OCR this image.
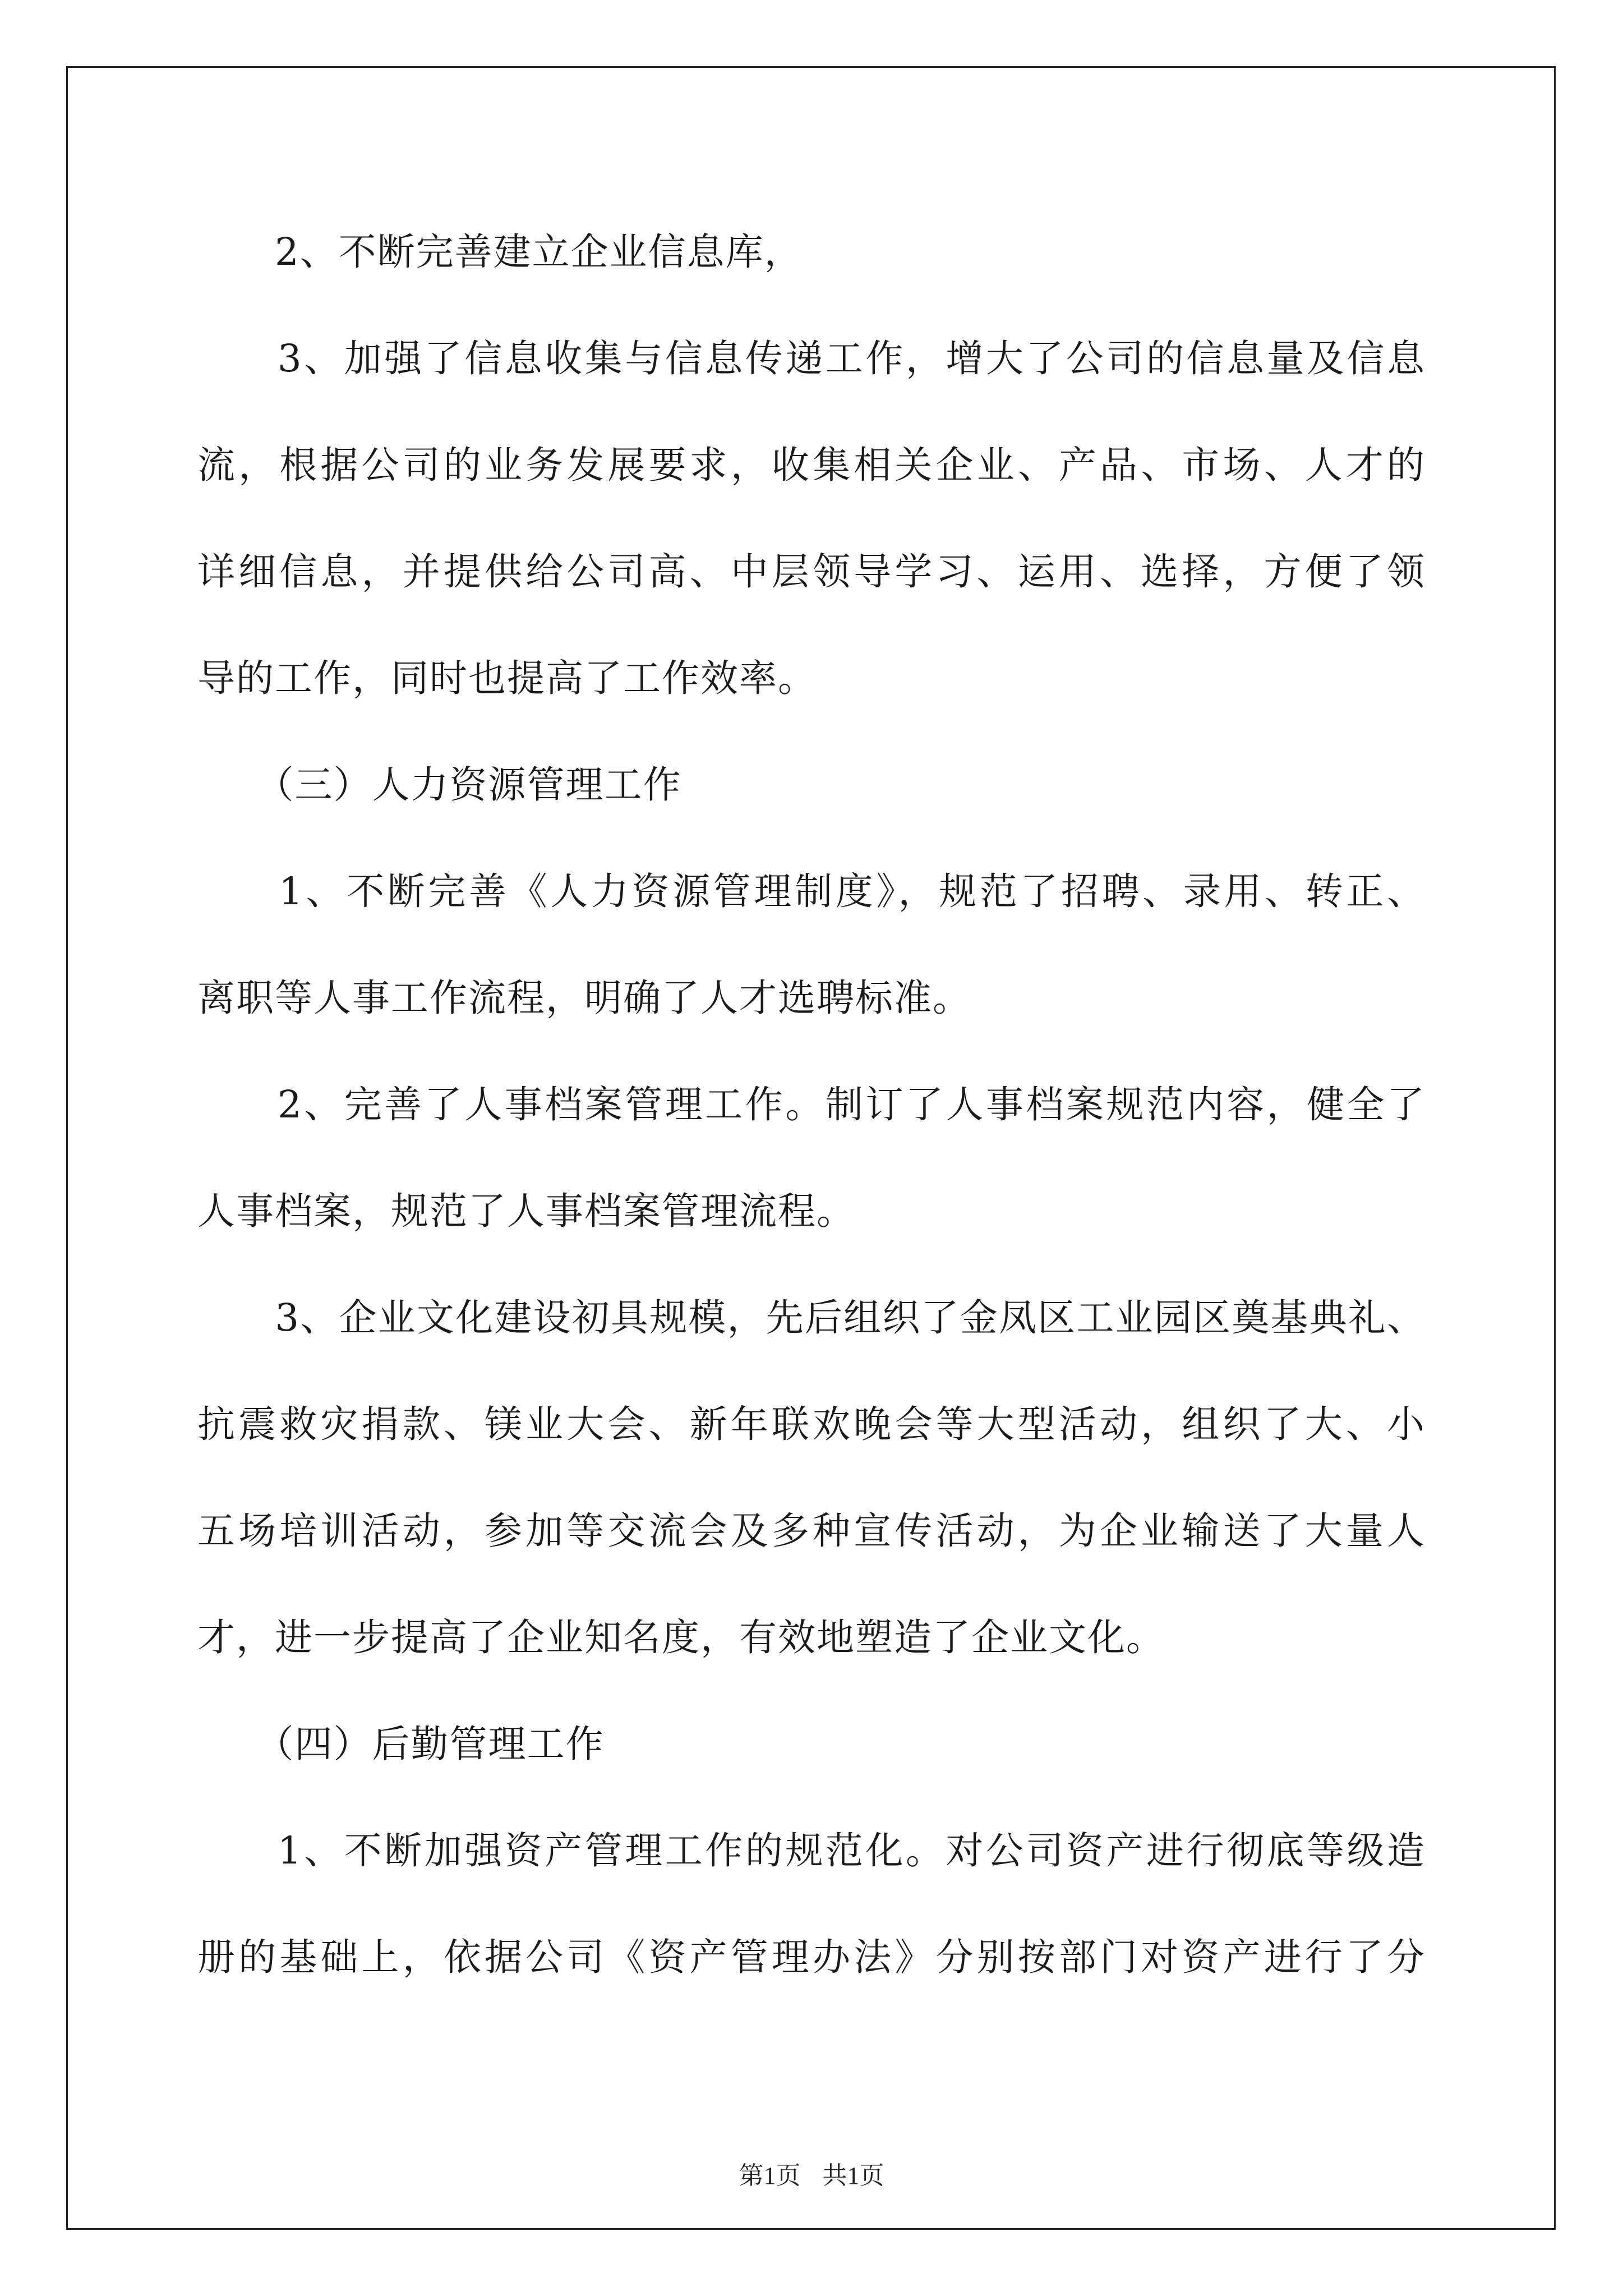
　　2、不断完善建立企业信息库，
　　3、加强了信息收集与信息传递工作，增大了公司的信息量及信息
流，根据公司的业务发展要求，收集相关企业、产品、市场、人才的
详细信息，并提供给公司高、中层领导学习、运用、选择，方便了领
导的工作，同时也提高了工作效率。
　　（三）人力资源管理工作
　　1、不断完善《人力资源管理制度》，规范了招聘、录用、转正、
离职等人事工作流程，明确了人才选聘标准。
　　2、完善了人事档案管理工作。制订了人事档案规范内容，健全了
人事档案，规范了人事档案管理流程。
　　3、企业文化建设初具规模，先后组织了金凤区工业园区奠基典礼、
抗震救灾捐款、镁业大会、新年联欢晚会等大型活动，组织了大、小
五场培训活动，参加等交流会及多种宣传活动，为企业输送了大量人
才，进一步提高了企业知名度，有效地塑造了企业文化。
　　（四）后勤管理工作
　　1、不断加强资产管理工作的规范化。对公司资产进行彻底等级造
册的基础上，依据公司《资产管理办法》分别按部门对资产进行了分
第1页 共1页
